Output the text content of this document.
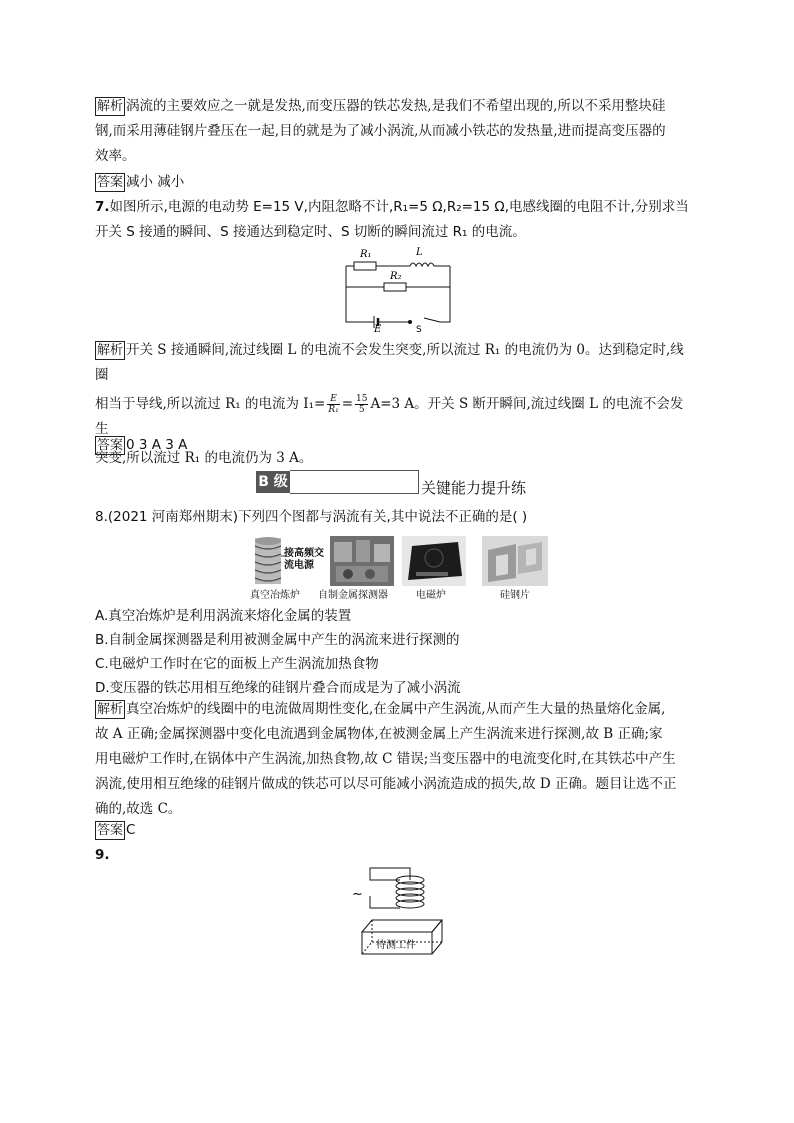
解析 涡流的主要效应之一就是发热,而变压器的铁芯发热,是我们不希望出现的,所以不采用整块硅
钢,而采用薄硅钢片叠压在一起,目的就是为了减小涡流,从而减小铁芯的发热量,进而提高变压器的
效率。
答案 减小 减小
7.如图所示,电源的电动势 E=15 V,内阻忽略不计,R₁=5 Ω,R₂=15 Ω,电感线圈的电阻不计,分别求当
开关 S 接通的瞬间、S 接通达到稳定时、S 切断的瞬间流过 R₁ 的电流。
R₁	L
R₂
E	S
解析 开关 S 接通瞬间,流过线圈 L 的电流不会发生突变,所以流过 R₁ 的电流仍为 0。达到稳定时,线圈
相当于导线,所以流过 R₁ 的电流为 $I_1= \frac{E}{\text{R₁}} = \frac{15}{5} A=3$ A。开关 S 断开瞬间,流过线圈 L 的电流不会发生
突变,所以流过 R₁ 的电流仍为 3 A。
答案 0 3 A 3 A
B 级	关键能力提升练
8.(2021 河南郑州期末)下列四个图都与涡流有关,其中说法不正确的是( )
接高频交流电源
真空冶炼炉 自制金属探测器	电磁炉	硅钢片
A.真空冶炼炉是利用涡流来熔化金属的装置
B.自制金属探测器是利用被测金属中产生的涡流来进行探测的
C.电磁炉工作时在它的面板上产生涡流加热食物
D.变压器的铁芯用相互绝缘的硅钢片叠合而成是为了减小涡流
解析 真空冶炼炉的线圈中的电流做周期性变化,在金属中产生涡流,从而产生大量的热量熔化金属,
故 A 正确;金属探测器中变化电流遇到金属物体,在被测金属上产生涡流来进行探测,故 B 正确;家
用电磁炉工作时,在锅体中产生涡流,加热食物,故 C 错误;当变压器中的电流变化时,在其铁芯中产生
涡流,使用相互绝缘的硅钢片做成的铁芯可以尽可能减小涡流造成的损失,故 D 正确。题目让选不正
确的,故选 C。
答案 C
9.
~
待测工件
